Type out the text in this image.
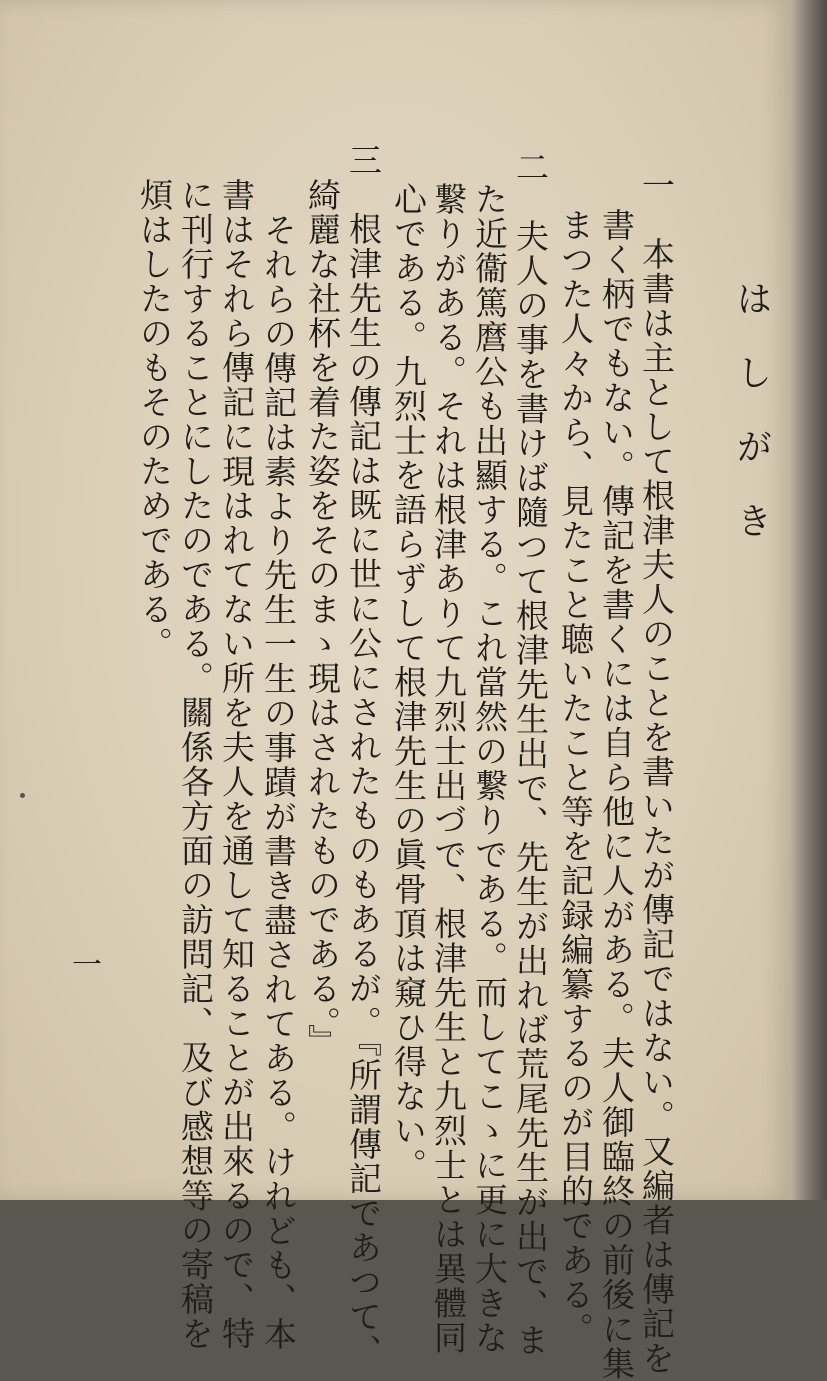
はしがき
一　本書は主として根津夫人のことを書いたが傳記ではない。又編者は傳記を
書く柄でもない。傳記を書くには自ら他に人がある。夫人御臨終の前後に集
まつた人々から、見たこと聴いたこと等を記録編纂するのが目的である。
二　夫人の事を書けば隨つて根津先生出で、先生が出れば荒尾先生が出で、ま
た近衞篤麿公も出顯する。これ當然の繋りである。而してこゝに更に大きな
繋りがある。それは根津ありて九烈士出づで、根津先生と九烈士とは異體同
心である。九烈士を語らずして根津先生の眞骨頂は窺ひ得ない。
三　根津先生の傳記は既に世に公にされたものもあるが。『所謂傳記であつて、
綺麗な社杯を着た姿をそのまゝ現はされたものである。』
それらの傳記は素より先生一生の事蹟が書き盡されてある。けれども、本
書はそれら傳記に現はれてない所を夫人を通して知ることが出來るので、特
に刊行することにしたのである。關係各方面の訪問記、及び感想等の寄稿を
煩はしたのもそのためである。
一
